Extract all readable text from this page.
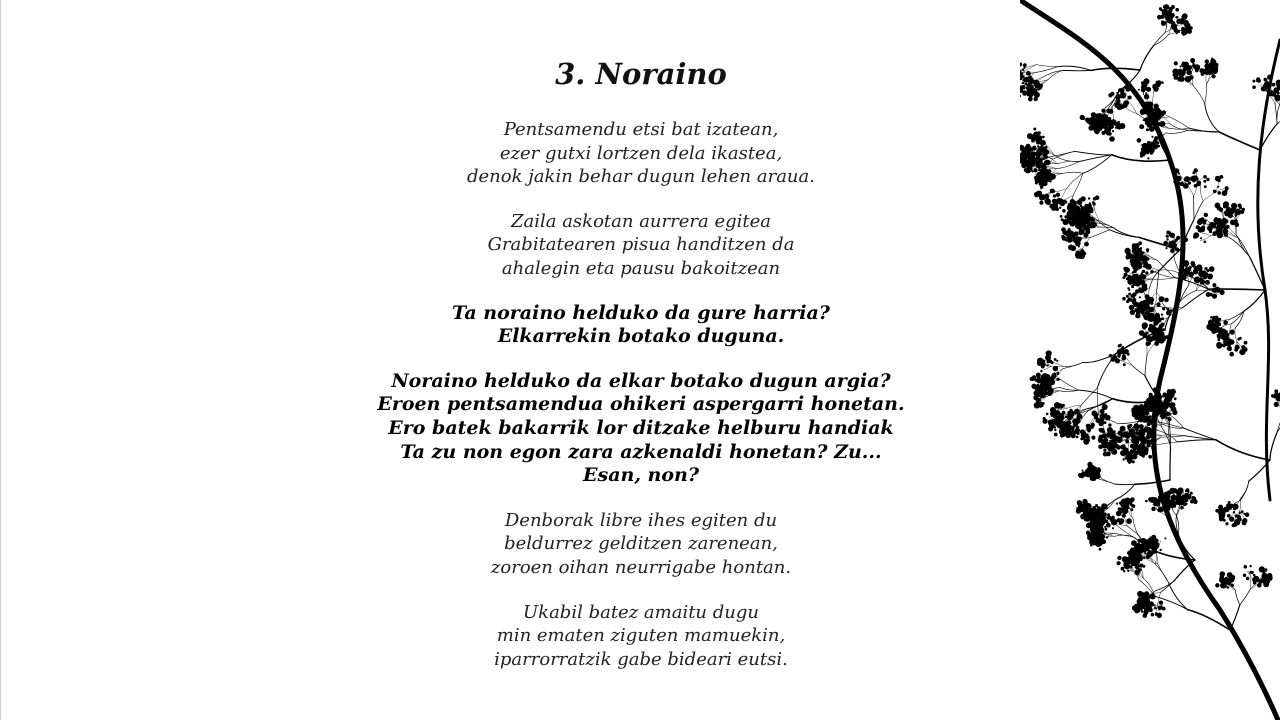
3. Noraino
Pentsamendu etsi bat izatean,
ezer gutxi lortzen dela ikastea,
denok jakin behar dugun lehen araua.
Zaila askotan aurrera egitea
Grabitatearen pisua handitzen da
ahalegin eta pausu bakoitzean
Ta noraino helduko da gure harria?
Elkarrekin botako duguna.
Noraino helduko da elkar botako dugun argia?
Eroen pentsamendua ohikeri aspergarri honetan.
Ero batek bakarrik lor ditzake helburu handiak
Ta zu non egon zara azkenaldi honetan? Zu...
Esan, non?
Denborak libre ihes egiten du
beldurrez gelditzen zarenean,
zoroen oihan neurrigabe hontan.
Ukabil batez amaitu dugu
min ematen ziguten mamuekin,
iparrorratzik gabe bideari eutsi.
